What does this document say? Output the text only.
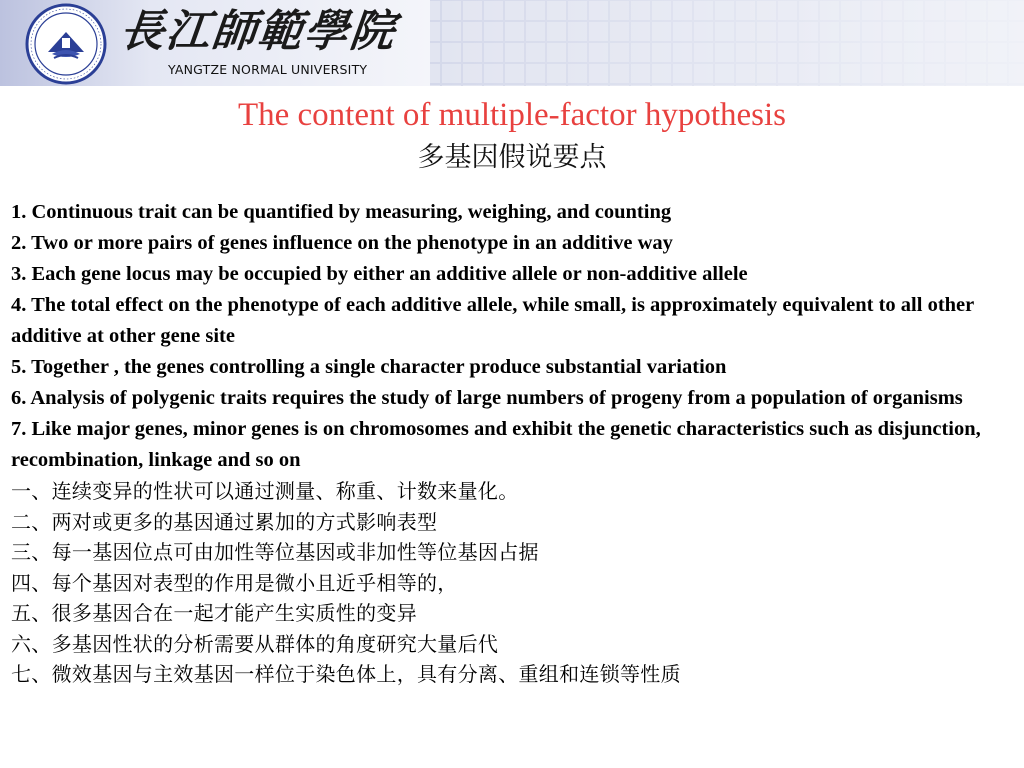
長江師範學院
YANGTZE NORMAL UNIVERSITY
The content of multiple-factor hypothesis
多基因假说要点
1. Continuous trait can be quantified by measuring, weighing, and counting
2. Two or more pairs of genes influence on the phenotype in an additive way
3. Each gene locus may be occupied by either an additive allele or non-additive allele
4. The total effect on the phenotype of each additive allele, while small, is approximately equivalent to all other additive at other gene site
5. Together , the genes controlling a single character produce substantial variation
6. Analysis of polygenic traits requires the study of large numbers of progeny from a population of organisms
7. Like major genes, minor genes is on chromosomes and exhibit the genetic characteristics such as disjunction, recombination, linkage and so on
一、连续变异的性状可以通过测量、称重、计数来量化。
二、两对或更多的基因通过累加的方式影响表型
三、每一基因位点可由加性等位基因或非加性等位基因占据
四、每个基因对表型的作用是微小且近乎相等的，
五、很多基因合在一起才能产生实质性的变异
六、多基因性状的分析需要从群体的角度研究大量后代
七、微效基因与主效基因一样位于染色体上，具有分离、重组和连锁等性质
